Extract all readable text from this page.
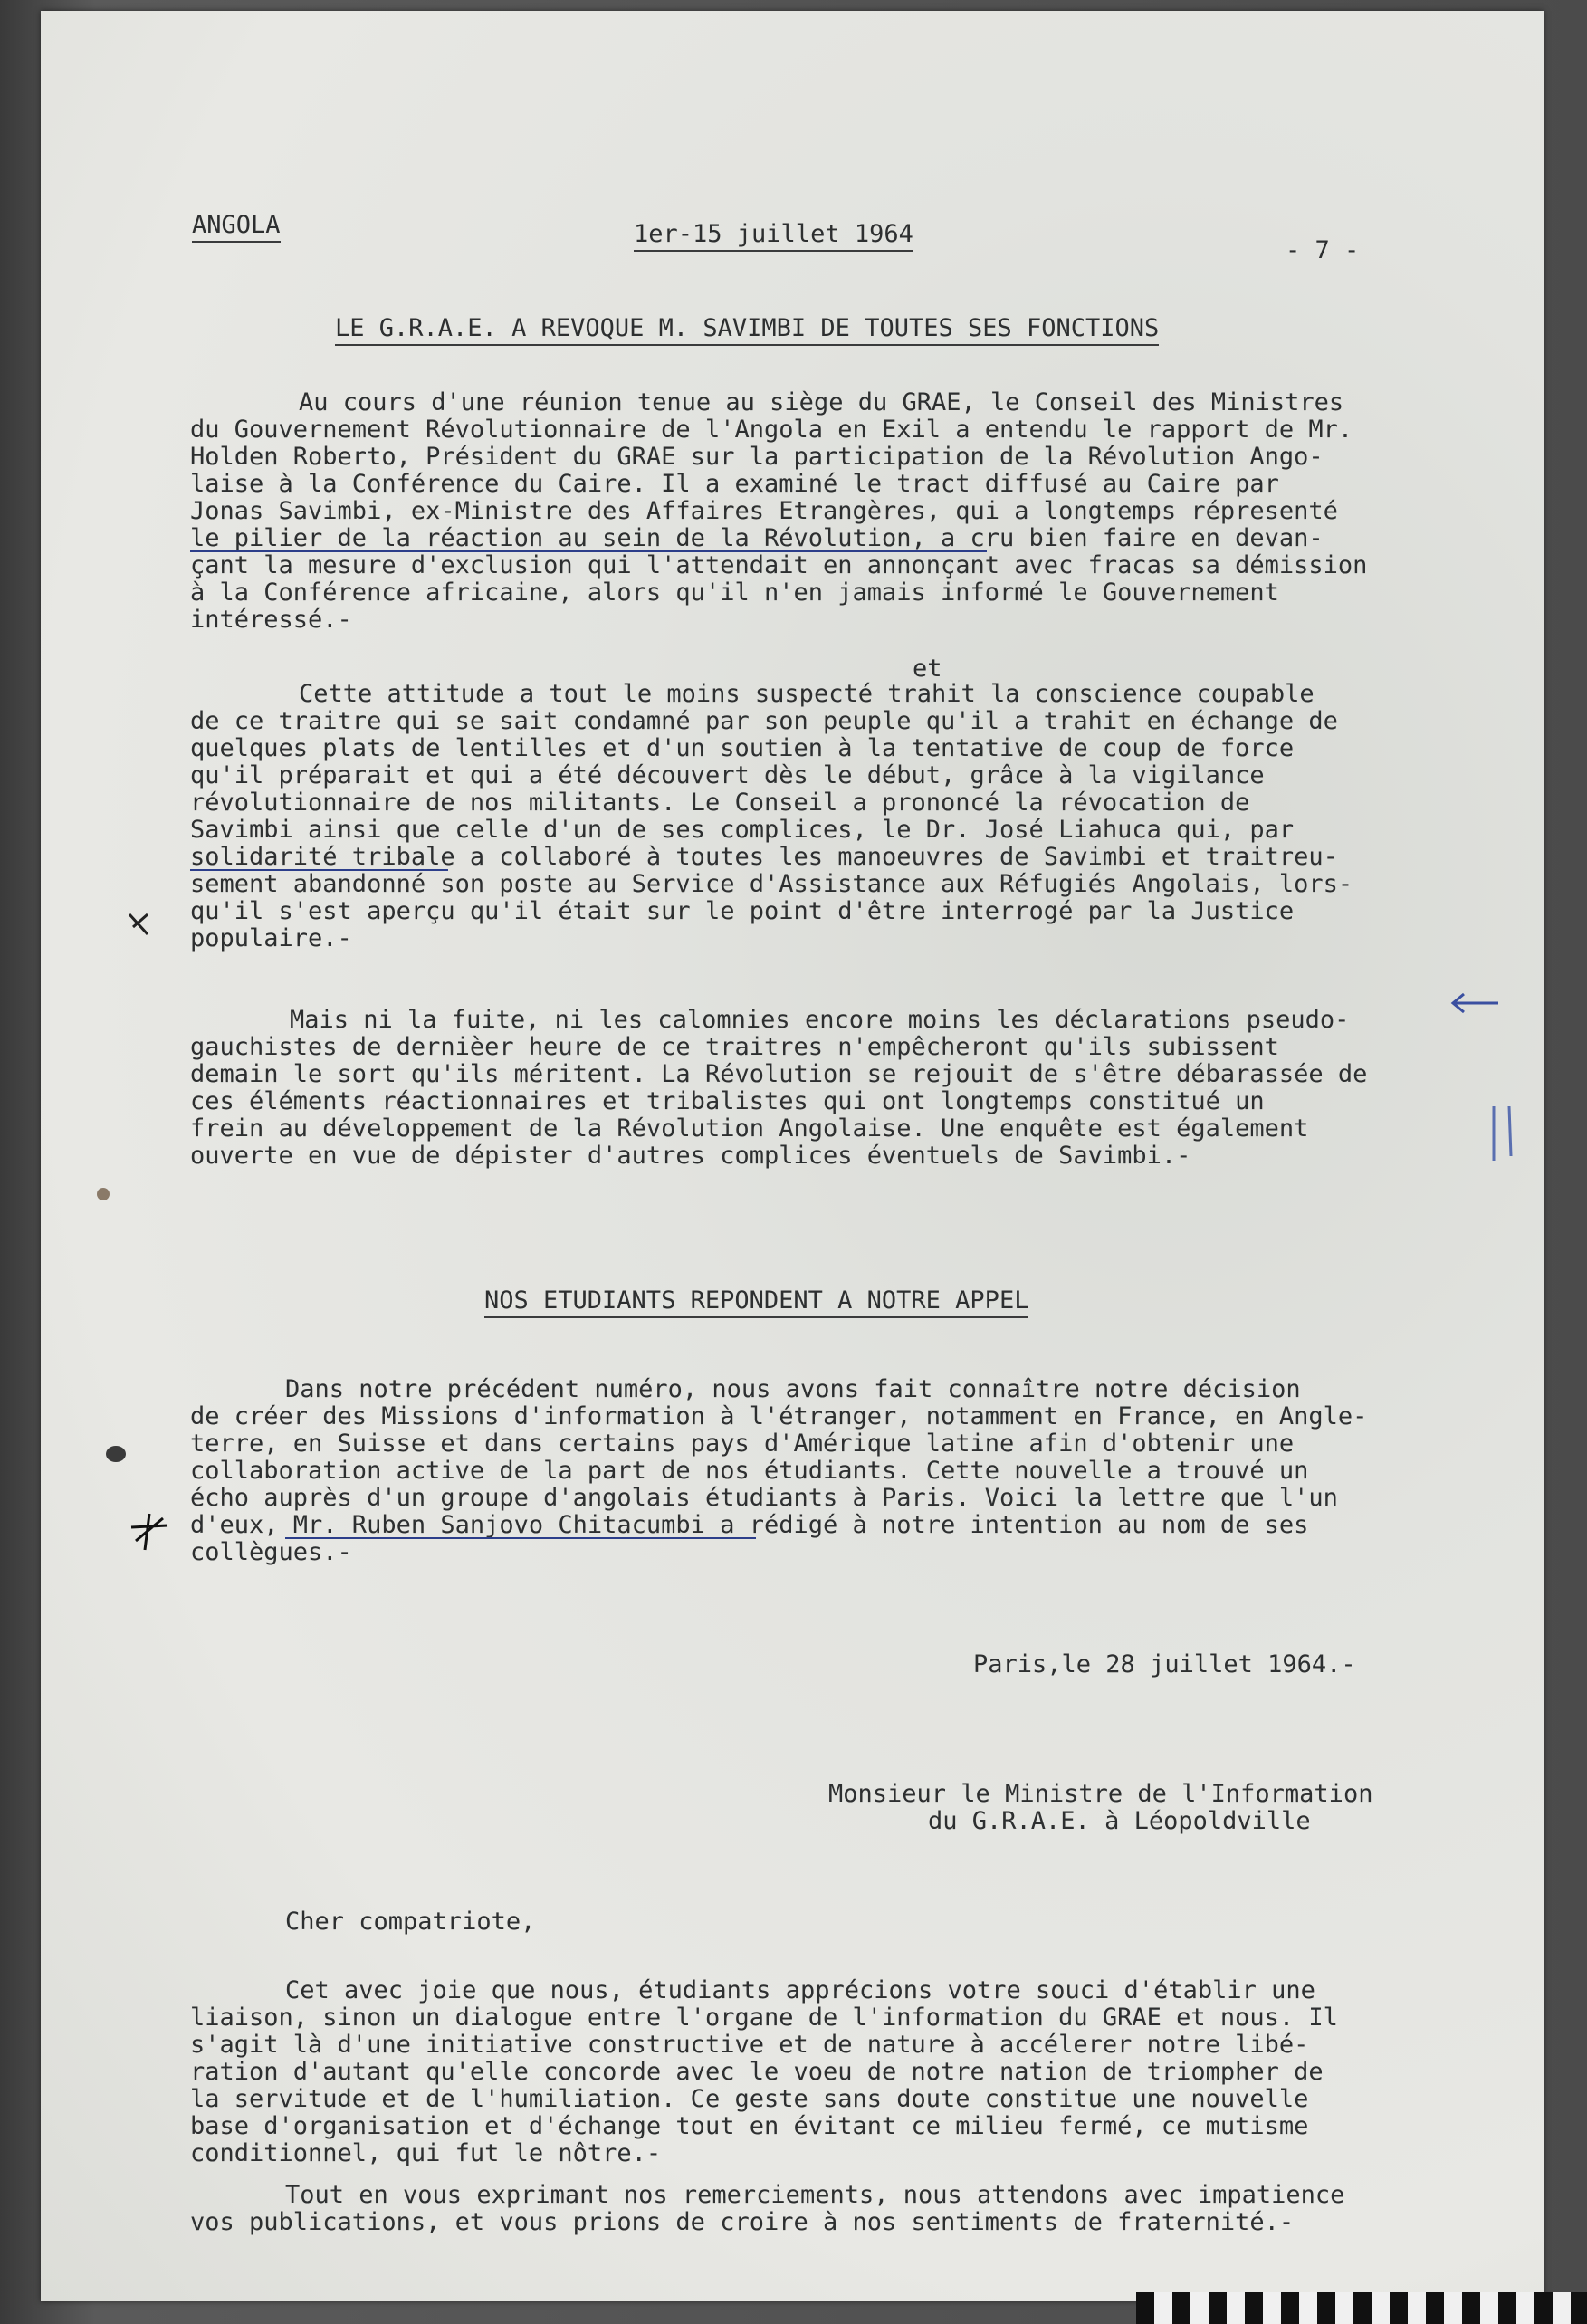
ANGOLA	1er-15 juillet 1964
- 7 -
LE G.R.A.E. A REVOQUE M. SAVIMBI DE TOUTES SES FONCTIONS
Au cours d'une réunion tenue au siège du GRAE, le Conseil des Ministres
du Gouvernement Révolutionnaire de l'Angola en Exil a entendu le rapport de Mr.
Holden Roberto, Président du GRAE sur la participation de la Révolution Ango-
laise à la Conférence du Caire. Il a examiné le tract diffusé au Caire par
Jonas Savimbi, ex-Ministre des Affaires Etrangères, qui a longtemps répresenté
le pilier de la réaction au sein de la Révolution, a cru bien faire en devan-
çant la mesure d'exclusion qui l'attendait en annonçant avec fracas sa démission
à la Conférence africaine, alors qu'il n'en jamais informé le Gouvernement
intéressé.-
et
Cette attitude a tout le moins suspecté trahit la conscience coupable
de ce traitre qui se sait condamné par son peuple qu'il a trahit en échange de
quelques plats de lentilles et d'un soutien à la tentative de coup de force
qu'il préparait et qui a été découvert dès le début, grâce à la vigilance
révolutionnaire de nos militants. Le Conseil a prononcé la révocation de
Savimbi ainsi que celle d'un de ses complices, le Dr. José Liahuca qui, par
solidarité tribale a collaboré à toutes les manoeuvres de Savimbi et traitreu-
sement abandonné son poste au Service d'Assistance aux Réfugiés Angolais, lors-
qu'il s'est aperçu qu'il était sur le point d'être interrogé par la Justice
populaire.-
Mais ni la fuite, ni les calomnies encore moins les déclarations pseudo-
gauchistes de dernièer heure de ce traitres n'empêcheront qu'ils subissent
demain le sort qu'ils méritent. La Révolution se rejouit de s'être débarassée de
ces éléments réactionnaires et tribalistes qui ont longtemps constitué un
frein au développement de la Révolution Angolaise. Une enquête est également
ouverte en vue de dépister d'autres complices éventuels de Savimbi.-
NOS ETUDIANTS REPONDENT A NOTRE APPEL
Dans notre précédent numéro, nous avons fait connaître notre décision
de créer des Missions d'information à l'étranger, notamment en France, en Angle-
terre, en Suisse et dans certains pays d'Amérique latine afin d'obtenir une
collaboration active de la part de nos étudiants. Cette nouvelle a trouvé un
écho auprès d'un groupe d'angolais étudiants à Paris. Voici la lettre que l'un
d'eux, Mr. Ruben Sanjovo Chitacumbi a rédigé à notre intention au nom de ses
collègues.-
Paris,le 28 juillet 1964.-
Monsieur le Ministre de l'Information
du G.R.A.E. à Léopoldville
Cher compatriote,
Cet avec joie que nous, étudiants apprécions votre souci d'établir une
liaison, sinon un dialogue entre l'organe de l'information du GRAE et nous. Il
s'agit là d'une initiative constructive et de nature à accélerer notre libé-
ration d'autant qu'elle concorde avec le voeu de notre nation de triompher de
la servitude et de l'humiliation. Ce geste sans doute constitue une nouvelle
base d'organisation et d'échange tout en évitant ce milieu fermé, ce mutisme
conditionnel, qui fut le nôtre.-
Tout en vous exprimant nos remerciements, nous attendons avec impatience
vos publications, et vous prions de croire à nos sentiments de fraternité.-
